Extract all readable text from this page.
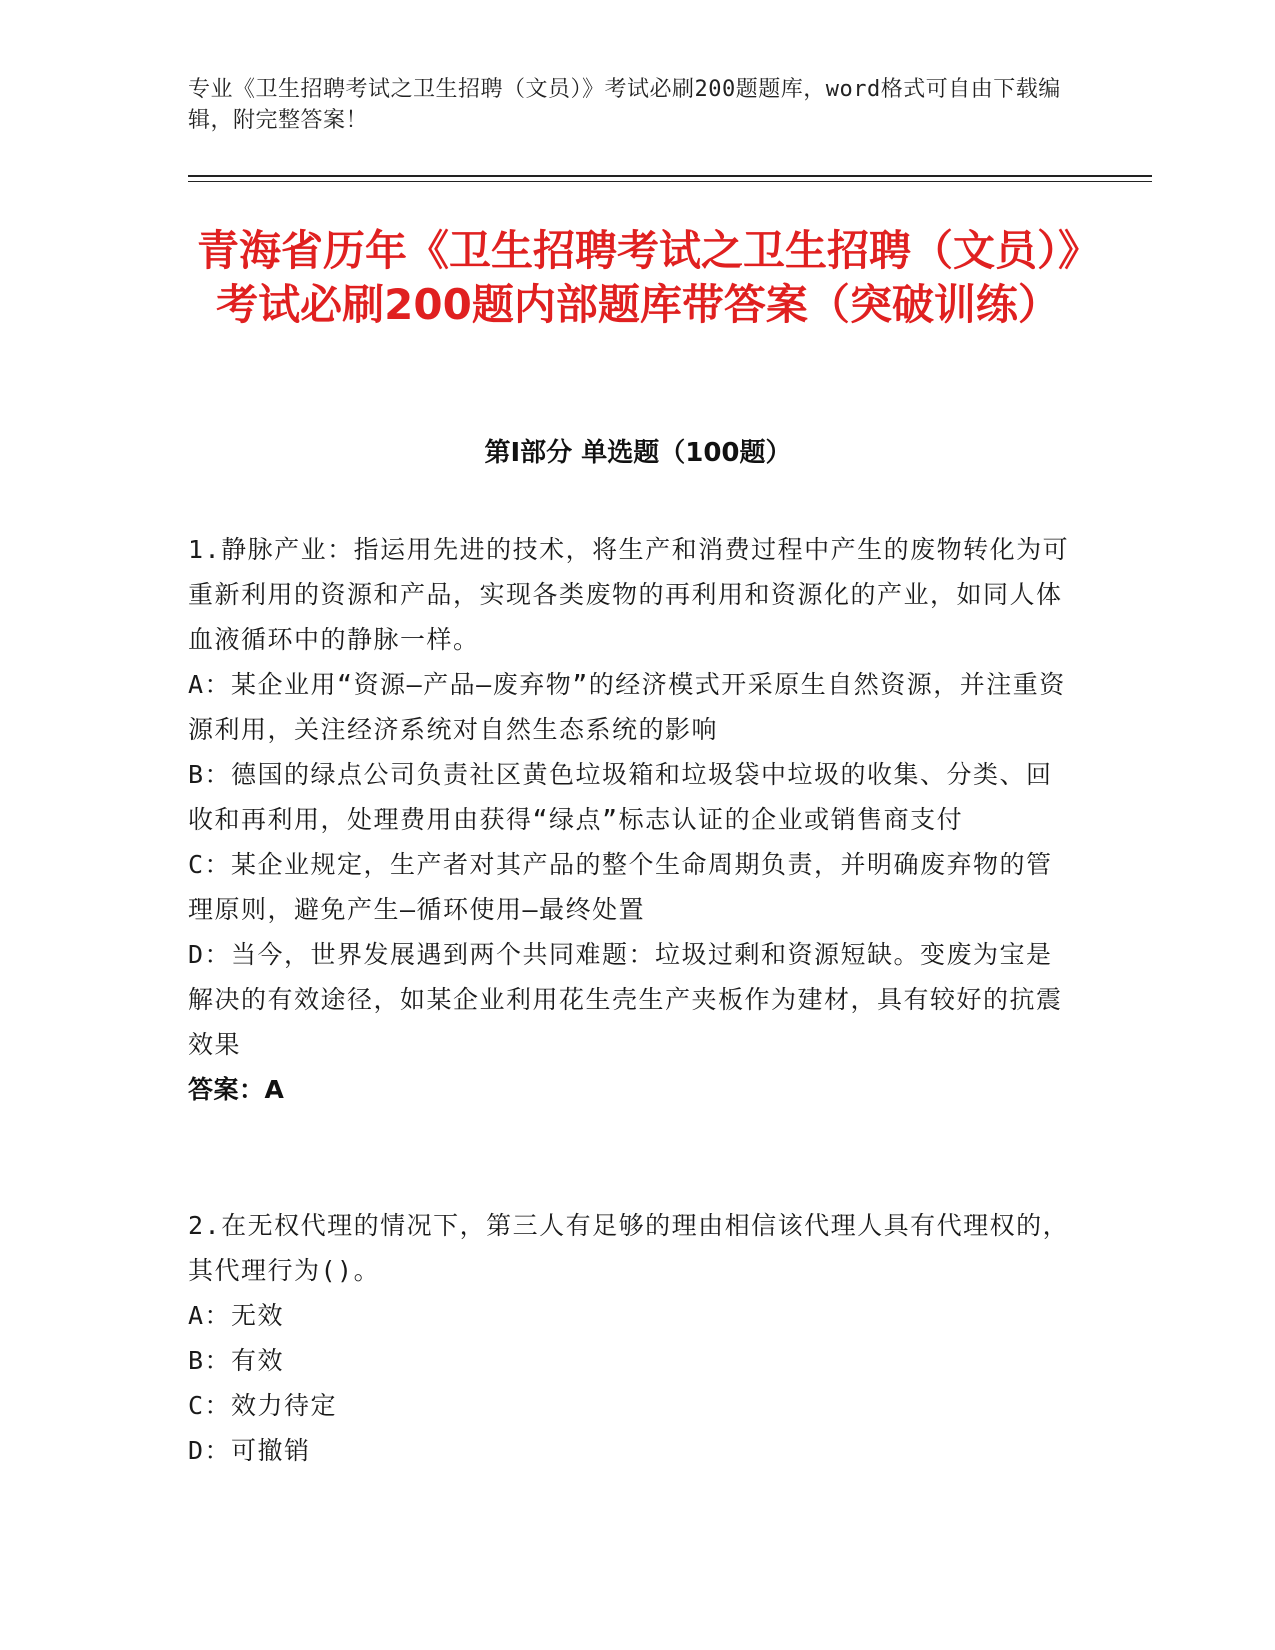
专业《卫生招聘考试之卫生招聘（文员）》考试必刷200题题库，word格式可自由下载编辑，附完整答案！
青海省历年《卫生招聘考试之卫生招聘（文员）》考试必刷200题内部题库带答案（突破训练）
第Ⅰ部分 单选题（100题）
1.静脉产业：指运用先进的技术，将生产和消费过程中产生的废物转化为可重新利用的资源和产品，实现各类废物的再利用和资源化的产业，如同人体血液循环中的静脉一样。
A：某企业用“资源—产品—废弃物”的经济模式开采原生自然资源，并注重资源利用，关注经济系统对自然生态系统的影响
B：德国的绿点公司负责社区黄色垃圾箱和垃圾袋中垃圾的收集、分类、回收和再利用，处理费用由获得“绿点”标志认证的企业或销售商支付
C：某企业规定，生产者对其产品的整个生命周期负责，并明确废弃物的管理原则，避免产生—循环使用—最终处置
D：当今，世界发展遇到两个共同难题：垃圾过剩和资源短缺。变废为宝是解决的有效途径，如某企业利用花生壳生产夹板作为建材，具有较好的抗震效果
答案：A
2.在无权代理的情况下，第三人有足够的理由相信该代理人具有代理权的，其代理行为()。
A：无效
B：有效
C：效力待定
D：可撤销
